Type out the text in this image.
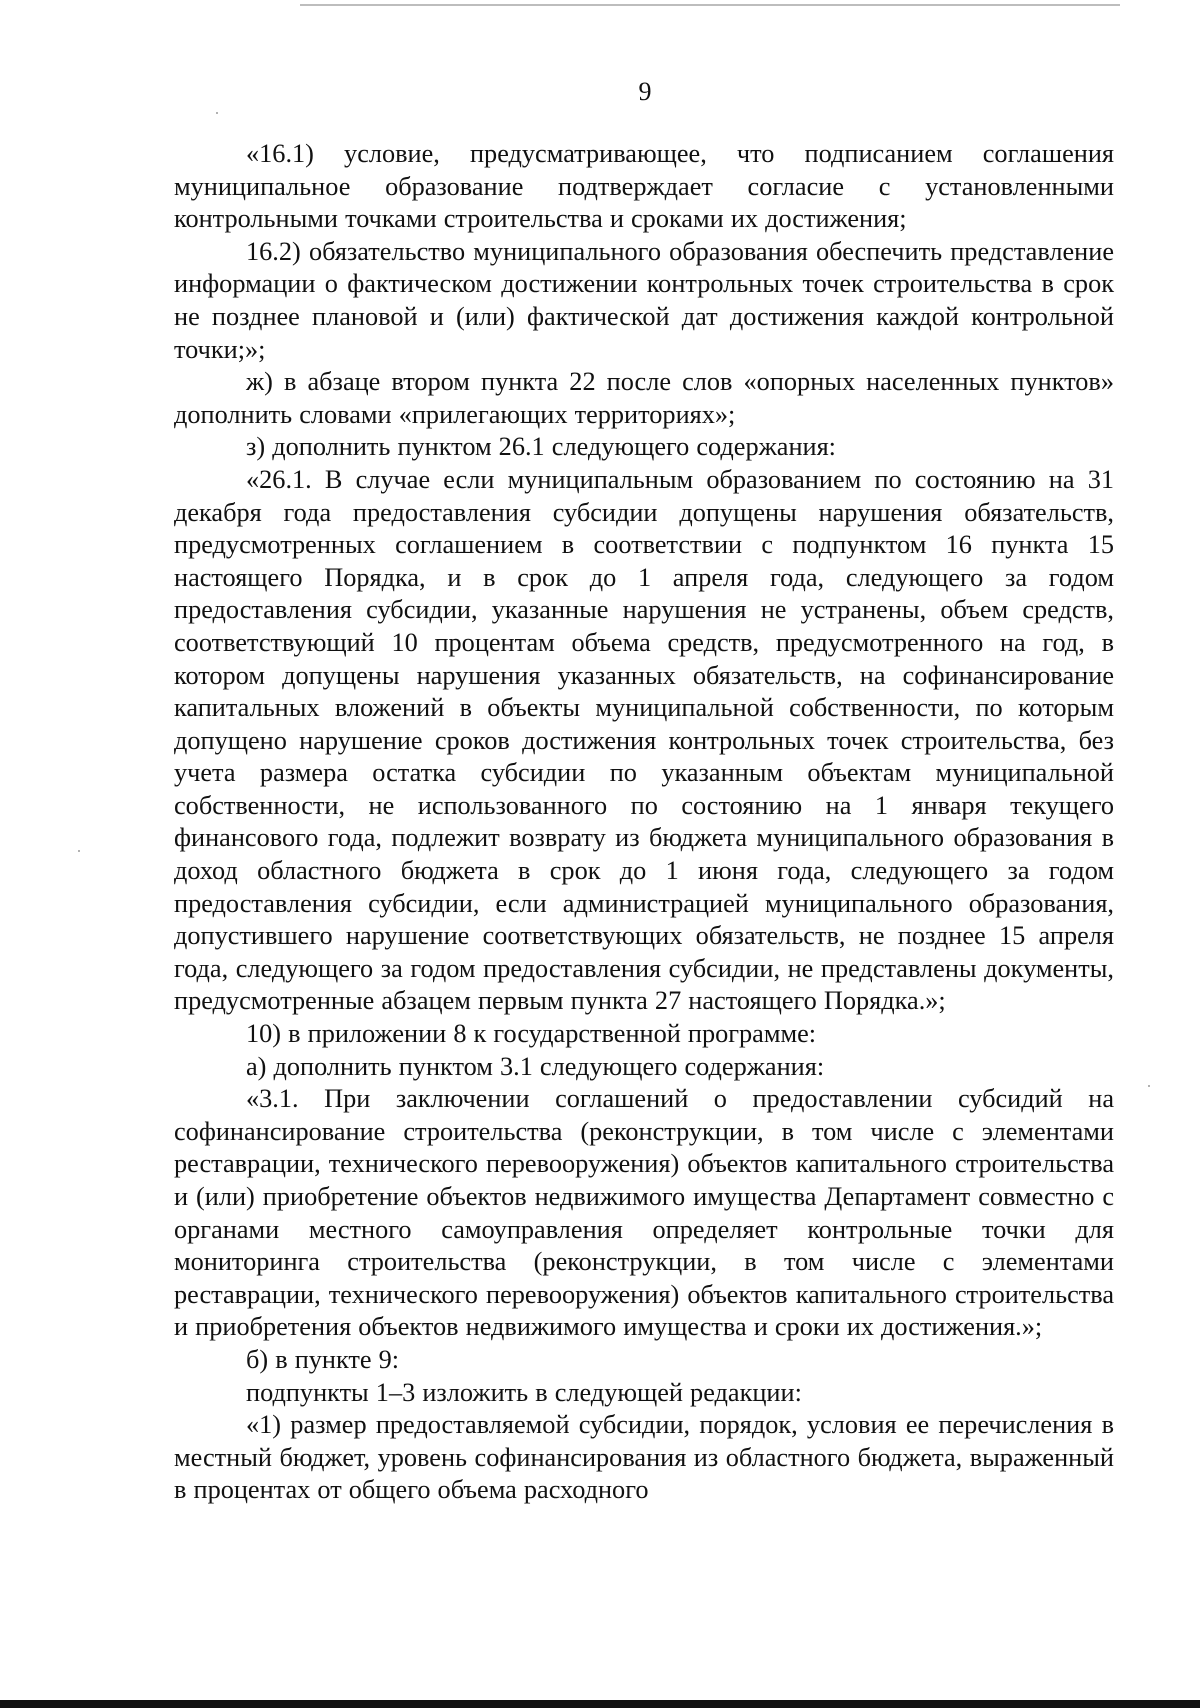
9

«16.1) условие, предусматривающее, что подписанием соглашения муниципальное образование подтверждает согласие с установленными контрольными точками строительства и сроками их достижения;

16.2) обязательство муниципального образования обеспечить представление информации о фактическом достижении контрольных точек строительства в срок не позднее плановой и (или) фактической дат достижения каждой контрольной точки;»;

ж) в абзаце втором пункта 22 после слов «опорных населенных пунктов» дополнить словами «прилегающих территориях»;

з) дополнить пунктом 26.1 следующего содержания:

«26.1. В случае если муниципальным образованием по состоянию на 31 декабря года предоставления субсидии допущены нарушения обязательств, предусмотренных соглашением в соответствии с подпунктом 16 пункта 15 настоящего Порядка, и в срок до 1 апреля года, следующего за годом предоставления субсидии, указанные нарушения не устранены, объем средств, соответствующий 10 процентам объема средств, предусмотренного на год, в котором допущены нарушения указанных обязательств, на софинансирование капитальных вложений в объекты муниципальной собственности, по которым допущено нарушение сроков достижения контрольных точек строительства, без учета размера остатка субсидии по указанным объектам муниципальной собственности, не использованного по состоянию на 1 января текущего финансового года, подлежит возврату из бюджета муниципального образования в доход областного бюджета в срок до 1 июня года, следующего за годом предоставления субсидии, если администрацией муниципального образования, допустившего нарушение соответствующих обязательств, не позднее 15 апреля года, следующего за годом предоставления субсидии, не представлены документы, предусмотренные абзацем первым пункта 27 настоящего Порядка.»;

10) в приложении 8 к государственной программе:

а) дополнить пунктом 3.1 следующего содержания:

«3.1. При заключении соглашений о предоставлении субсидий на софинансирование строительства (реконструкции, в том числе с элементами реставрации, технического перевооружения) объектов капитального строительства и (или) приобретение объектов недвижимого имущества Департамент совместно с органами местного самоуправления определяет контрольные точки для мониторинга строительства (реконструкции, в том числе с элементами реставрации, технического перевооружения) объектов капитального строительства и приобретения объектов недвижимого имущества и сроки их достижения.»;

б) в пункте 9:

подпункты 1–3 изложить в следующей редакции:

«1) размер предоставляемой субсидии, порядок, условия ее перечисления в местный бюджет, уровень софинансирования из областного бюджета, выраженный в процентах от общего объема расходного
